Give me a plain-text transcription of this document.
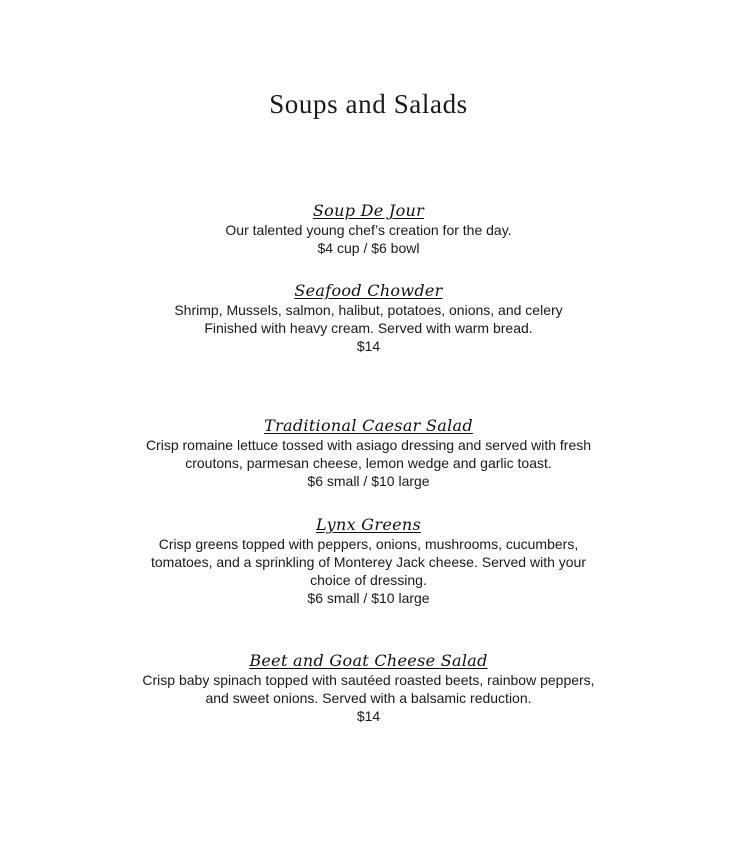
Soups and Salads
Soup De Jour
Our talented young chef’s creation for the day.
$4 cup / $6 bowl
Seafood Chowder
Shrimp, Mussels, salmon, halibut, potatoes, onions, and celery
Finished with heavy cream. Served with warm bread.
$14
Traditional Caesar Salad
Crisp romaine lettuce tossed with asiago dressing and served with fresh
croutons, parmesan cheese, lemon wedge and garlic toast.
$6 small / $10 large
Lynx Greens
Crisp greens topped with peppers, onions, mushrooms, cucumbers,
tomatoes, and a sprinkling of Monterey Jack cheese. Served with your
choice of dressing.
$6 small / $10 large
Beet and Goat Cheese Salad
Crisp baby spinach topped with sautéed roasted beets, rainbow peppers,
and sweet onions. Served with a balsamic reduction.
$14
